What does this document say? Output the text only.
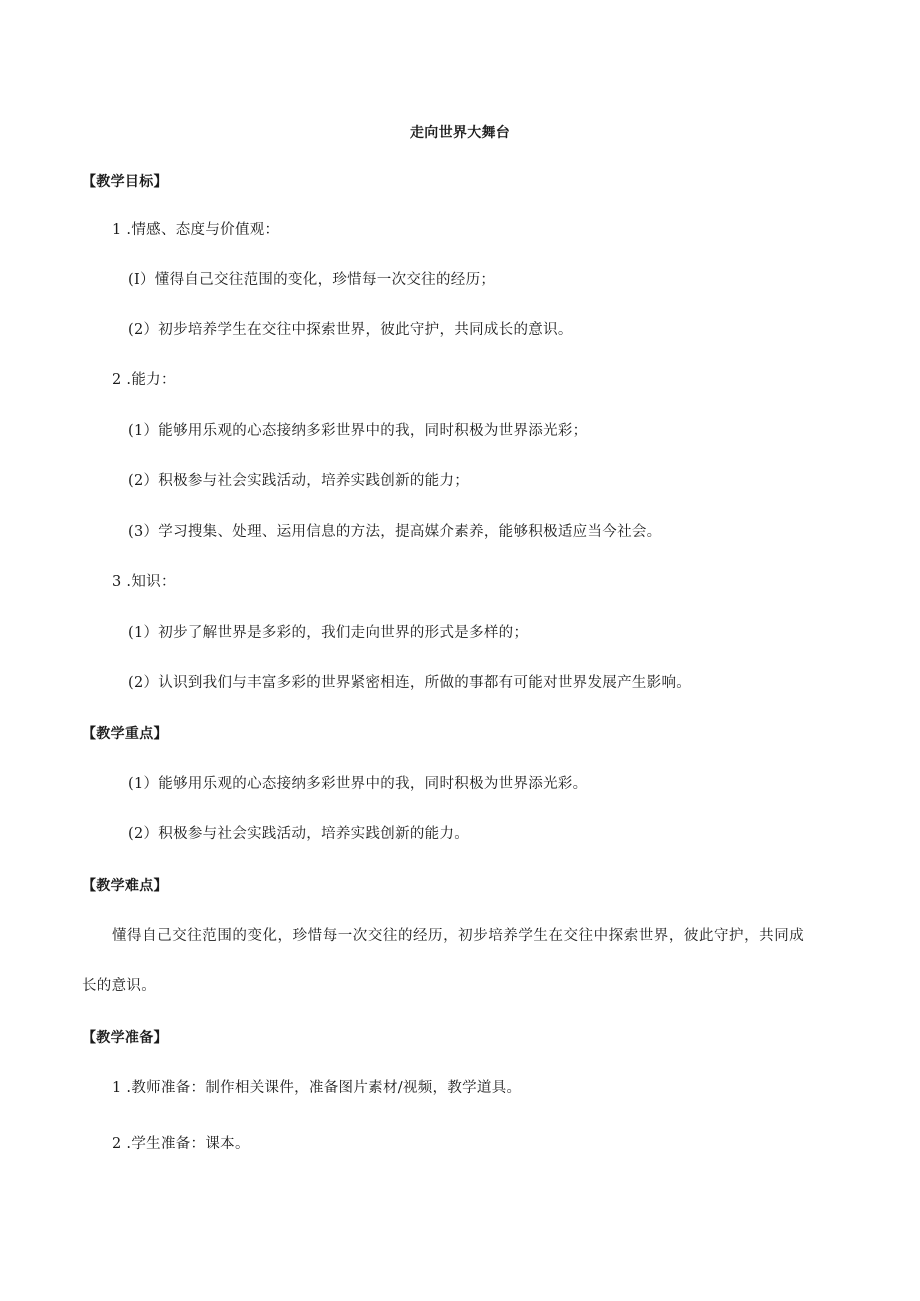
走向世界大舞台
【教学目标】
1 .情感、态度与价值观：
(I）懂得自己交往范围的变化，珍惜每一次交往的经历；
(2）初步培养学生在交往中探索世界，彼此守护，共同成长的意识。
2 .能力：
(1）能够用乐观的心态接纳多彩世界中的我，同时积极为世界添光彩；
(2）积极参与社会实践活动，培养实践创新的能力；
(3）学习搜集、处理、运用信息的方法，提高媒介素养，能够积极适应当今社会。
3 .知识：
(1）初步了解世界是多彩的，我们走向世界的形式是多样的；
(2）认识到我们与丰富多彩的世界紧密相连，所做的事都有可能对世界发展产生影响。
【教学重点】
(1）能够用乐观的心态接纳多彩世界中的我，同时积极为世界添光彩。
(2）积极参与社会实践活动，培养实践创新的能力。
【教学难点】
懂得自己交往范围的变化，珍惜每一次交往的经历，初步培养学生在交往中探索世界，彼此守护，共同成
长的意识。
【教学准备】
1 .教师准备：制作相关课件，准备图片素材/视频，教学道具。
2 .学生准备：课本。
